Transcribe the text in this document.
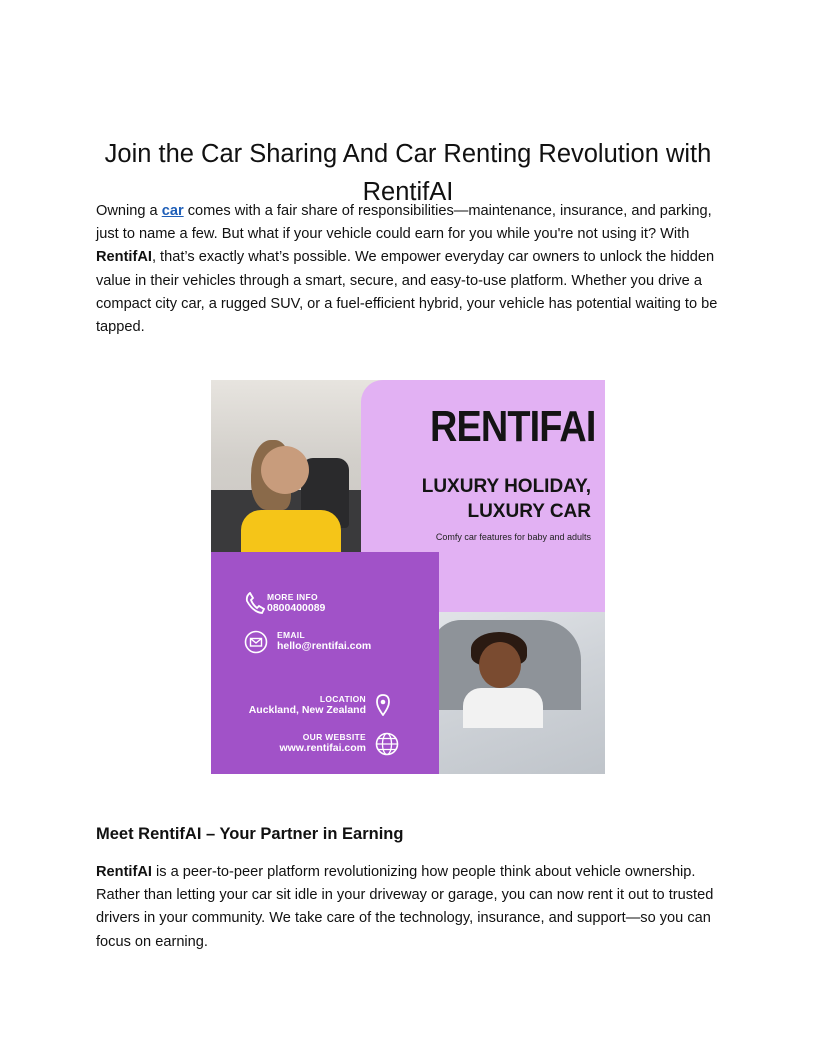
Join the Car Sharing And Car Renting Revolution with RentifAI

Owning a car comes with a fair share of responsibilities—maintenance, insurance, and parking, just to name a few. But what if your vehicle could earn for you while you're not using it? With RentifAI, that’s exactly what’s possible. We empower everyday car owners to unlock the hidden value in their vehicles through a smart, secure, and easy-to-use platform. Whether you drive a compact city car, a rugged SUV, or a fuel-efficient hybrid, your vehicle has potential waiting to be tapped.

RENTIFAI
LUXURY HOLIDAY,
LUXURY CAR
Comfy car features for baby and adults
MORE INFO
0800400089
EMAIL
hello@rentifai.com
LOCATION
Auckland, New Zealand
OUR WEBSITE
www.rentifai.com
Meet RentifAI – Your Partner in Earning

RentifAI is a peer-to-peer platform revolutionizing how people think about vehicle ownership. Rather than letting your car sit idle in your driveway or garage, you can now rent it out to trusted drivers in your community. We take care of the technology, insurance, and support—so you can focus on earning.
